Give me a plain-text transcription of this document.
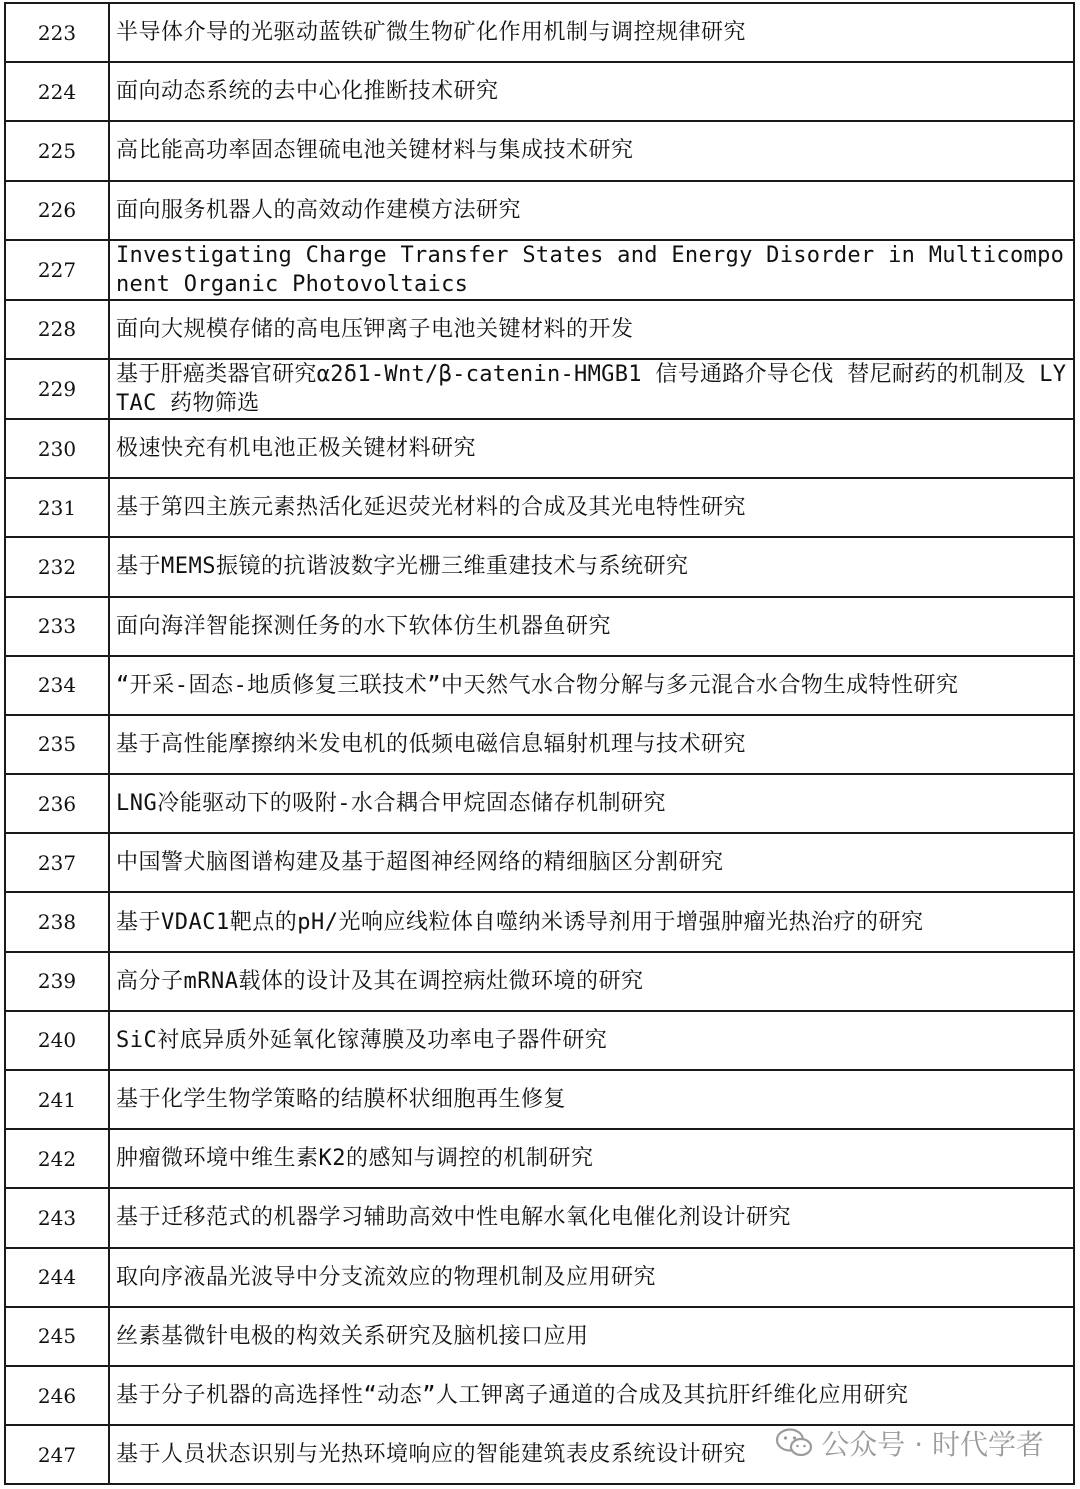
223	半导体介导的光驱动蓝铁矿微生物矿化作用机制与调控规律研究
224	面向动态系统的去中心化推断技术研究
225	高比能高功率固态锂硫电池关键材料与集成技术研究
226	面向服务机器人的高效动作建模方法研究
227	Investigating Charge Transfer States and Energy Disorder in Multicomponent Organic Photovoltaics
228	面向大规模存储的高电压钾离子电池关键材料的开发
229	基于肝癌类器官研究α2δ1-Wnt/β-catenin-HMGB1 信号通路介导仑伐 替尼耐药的机制及 LYTAC 药物筛选
230	极速快充有机电池正极关键材料研究
231	基于第四主族元素热活化延迟荧光材料的合成及其光电特性研究
232	基于MEMS振镜的抗谐波数字光栅三维重建技术与系统研究
233	面向海洋智能探测任务的水下软体仿生机器鱼研究
234	“开采-固态-地质修复三联技术”中天然气水合物分解与多元混合水合物生成特性研究
235	基于高性能摩擦纳米发电机的低频电磁信息辐射机理与技术研究
236	LNG冷能驱动下的吸附-水合耦合甲烷固态储存机制研究
237	中国警犬脑图谱构建及基于超图神经网络的精细脑区分割研究
238	基于VDAC1靶点的pH/光响应线粒体自噬纳米诱导剂用于增强肿瘤光热治疗的研究
239	高分子mRNA载体的设计及其在调控病灶微环境的研究
240	SiC衬底异质外延氧化镓薄膜及功率电子器件研究
241	基于化学生物学策略的结膜杯状细胞再生修复
242	肿瘤微环境中维生素K2的感知与调控的机制研究
243	基于迁移范式的机器学习辅助高效中性电解水氧化电催化剂设计研究
244	取向序液晶光波导中分支流效应的物理机制及应用研究
245	丝素基微针电极的构效关系研究及脑机接口应用
246	基于分子机器的高选择性“动态”人工钾离子通道的合成及其抗肝纤维化应用研究
247	基于人员状态识别与光热环境响应的智能建筑表皮系统设计研究	公众号 · 时代学者
